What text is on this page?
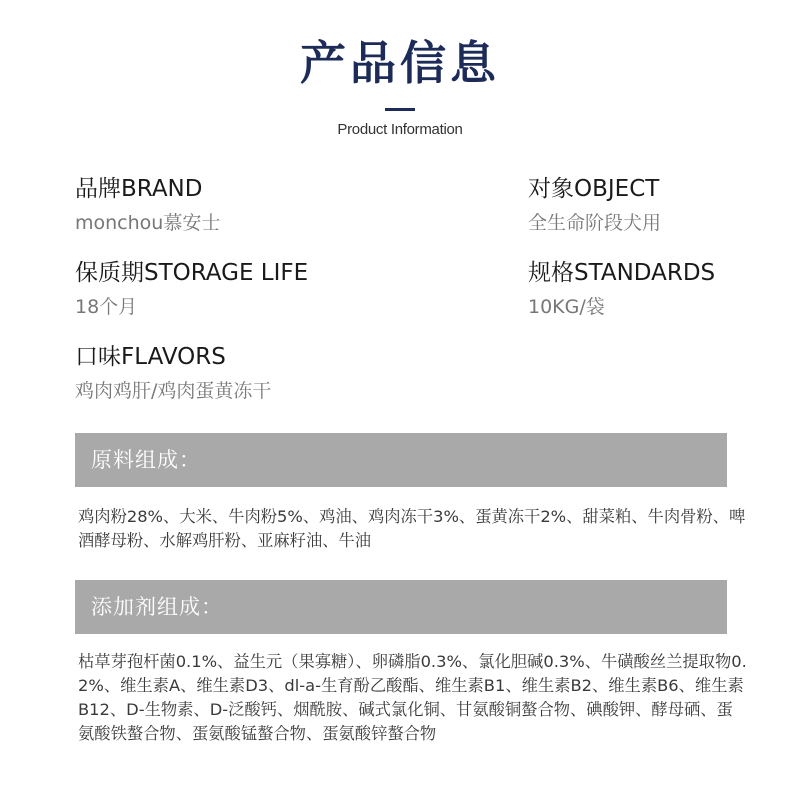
产品信息
Product Information
品牌BRAND
monchou慕安士
对象OBJECT
全生命阶段犬用
保质期STORAGE LIFE
18个月
规格STANDARDS
10KG/袋
口味FLAVORS
鸡肉鸡肝/鸡肉蛋黄冻干
原料组成：
鸡肉粉28%、大米、牛肉粉5%、鸡油、鸡肉冻干3%、蛋黄冻干2%、甜菜粕、牛肉骨粉、啤酒酵母粉、水解鸡肝粉、亚麻籽油、牛油
添加剂组成：
枯草芽孢杆菌0.1%、益生元（果寡糖）、卵磷脂0.3%、氯化胆碱0.3%、牛磺酸丝兰提取物0.2%、维生素A、维生素D3、dl-a-生育酚乙酸酯、维生素B1、维生素B2、维生素B6、维生素B12、D-生物素、D-泛酸钙、烟酰胺、碱式氯化铜、甘氨酸铜螯合物、碘酸钾、酵母硒、蛋氨酸铁螯合物、蛋氨酸锰螯合物、蛋氨酸锌螯合物
